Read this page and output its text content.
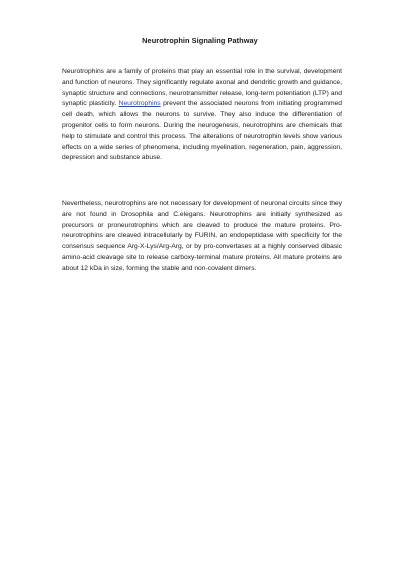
Neurotrophin Signaling Pathway

Neurotrophins are a family of proteins that play an essential role in the survival, development and function of neurons. They significantly regulate axonal and dendritic growth and guidance, synaptic structure and connections, neurotransmitter release, long-term potentiation (LTP) and synaptic plasticity. Neurotrophins prevent the associated neurons from initiating programmed cell death, which allows the neurons to survive. They also induce the differentiation of progenitor cells to form neurons. During the neurogenesis, neurotrophins are chemicals that help to stimulate and control this process. The alterations of neurotrophin levels show various effects on a wide series of phenomena, including myelination, regeneration, pain, aggression, depression and substance abuse.

Nevertheless, neurotrophins are not necessary for development of neuronal circuits since they are not found in Drosophila and C.elegans. Neurotrophins are initially synthesized as precursors or proneurotrophins which are cleaved to produce the mature proteins. Pro-neurotrophins are cleaved intracellularly by FURIN, an endopeptidase with specificity for the consensus sequence Arg-X-Lys/Arg-Arg, or by pro-convertases at a highly conserved dibasic amino-acid cleavage site to release carboxy-terminal mature proteins. All mature proteins are about 12 kDa in size, forming the stable and non-covalent dimers.
